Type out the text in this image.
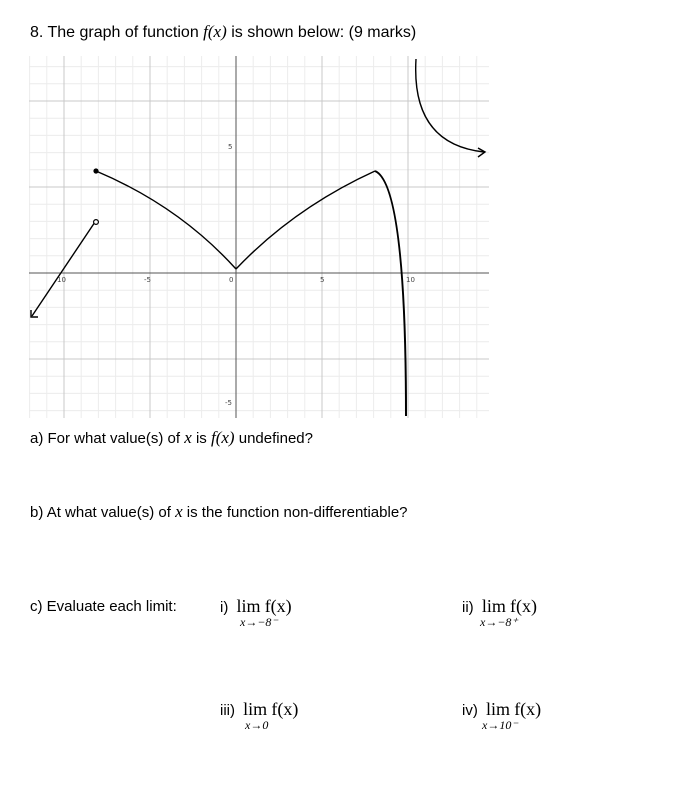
8. The graph of function f(x) is shown below: (9 marks)
10	-5	0	5	10
5
-5
a) For what value(s) of x is f(x) undefined?
b) At what value(s) of x is the function non-differentiable?
c) Evaluate each limit:	i) lim f(x)
x→−8⁻
ii) lim f(x)
x→−8⁺
iii) lim f(x)
x→0
iv) lim f(x)
x→10⁻
